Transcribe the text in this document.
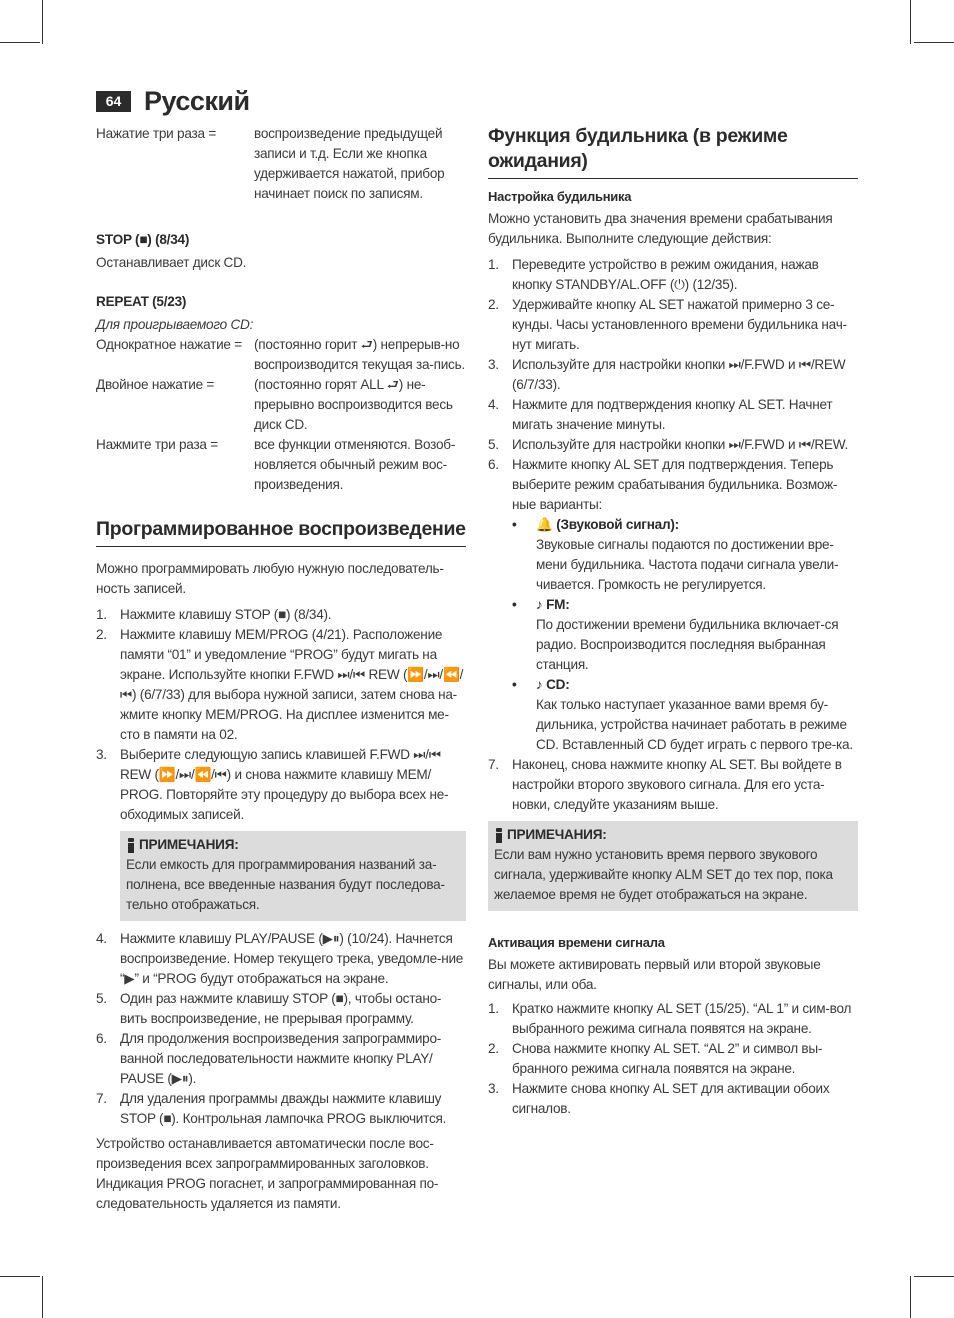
64 Русский
Нажатие три раза =	воспроизведение предыдущей записи и т.д. Если же кнопка удерживается нажатой, прибор начинает поиск по записям.
STOP (■) (8/34)
Останавливает диск CD.
REPEAT (5/23)
Для проигрываемого CD:
Однократное нажатие = (постоянно горит ⮐) непрерыв-но воспроизводится текущая за-пись.
Двойное нажатие =	(постоянно горят ALL ⮐) не-прерывно воспроизводится весь диск CD.
Нажмите три раза =	все функции отменяются. Возоб-новляется обычный режим вос-произведения.
Программированное воспроизведение
Можно программировать любую нужную последователь-ность записей.
1. Нажмите клавишу STOP (■) (8/34).
2. Нажмите клавишу MEM/PROG (4/21). Расположение памяти “01” и уведомление “PROG” будут мигать на экране. Используйте кнопки F.FWD ⏭/⏮ REW (⏩/⏭/⏪/⏮) (6/7/33) для выбора нужной записи, затем снова на-жмите кнопку MEM/PROG. На дисплее изменится ме-сто в памяти на 02.
3. Выберите следующую запись клавишей F.FWD ⏭/⏮ REW (⏩/⏭/⏪/⏮) и снова нажмите клавишу MEM/ PROG. Повторяйте эту процедуру до выбора всех не-обходимых записей.
ПРИМЕЧАНИЯ:
Если емкость для программирования названий за-полнена, все введенные названия будут последова-тельно отображаться.
4. Нажмите клавишу PLAY/PAUSE (▶⏸) (10/24). Начнется воспроизведение. Номер текущего трека, уведомле-ние “▶” и “PROG будут отображаться на экране.
5. Один раз нажмите клавишу STOP (■), чтобы остано-вить воспроизведение, не прерывая программу.
6. Для продолжения воспроизведения запрограммиро-ванной последовательности нажмите кнопку PLAY/ PAUSE (▶⏸).
7. Для удаления программы дважды нажмите клавишу STOP (■). Контрольная лампочка PROG выключится.
Устройство останавливается автоматически после вос-произведения всех запрограммированных заголовков. Индикация PROG погаснет, и запрограммированная по-следовательность удаляется из памяти.
Функция будильника (в режиме ожидания)
Настройка будильника
Можно установить два значения времени срабатывания будильника. Выполните следующие действия:
1. Переведите устройство в режим ожидания, нажав кнопку STANDBY/AL.OFF (⏻) (12/35).
2. Удерживайте кнопку AL SET нажатой примерно 3 се-кунды. Часы установленного времени будильника нач-нут мигать.
3. Используйте для настройки кнопки ⏭/F.FWD и ⏮/REW (6/7/33).
4. Нажмите для подтверждения кнопку AL SET. Начнет мигать значение минуты.
5. Используйте для настройки кнопки ⏭/F.FWD и ⏮/REW.
6. Нажмите кнопку AL SET для подтверждения. Теперь выберите режим срабатывания будильника. Возмож-ные варианты:
•	🔔 (Звуковой сигнал):
Звуковые сигналы подаются по достижении вре-мени будильника. Частота подачи сигнала увели-чивается. Громкость не регулируется.
•	♪ FM:
По достижении времени будильника включает-ся радио. Воспроизводится последняя выбранная станция.
•	♪ CD:
Как только наступает указанное вами время бу-дильника, устройства начинает работать в режиме CD. Вставленный CD будет играть с первого тре-ка.
7. Наконец, снова нажмите кнопку AL SET. Вы войдете в настройки второго звукового сигнала. Для его уста-новки, следуйте указаниям выше.
ПРИМЕЧАНИЯ:
Если вам нужно установить время первого звукового сигнала, удерживайте кнопку ALM SET до тех пор, пока желаемое время не будет отображаться на экране.
Активация времени сигнала
Вы можете активировать первый или второй звуковые сигналы, или оба.
1. Кратко нажмите кнопку AL SET (15/25). “AL 1” и сим-вол выбранного режима сигнала появятся на экране.
2. Снова нажмите кнопку AL SET. “AL 2” и символ вы-бранного режима сигнала появятся на экране.
3. Нажмите снова кнопку AL SET для активации обоих сигналов.
